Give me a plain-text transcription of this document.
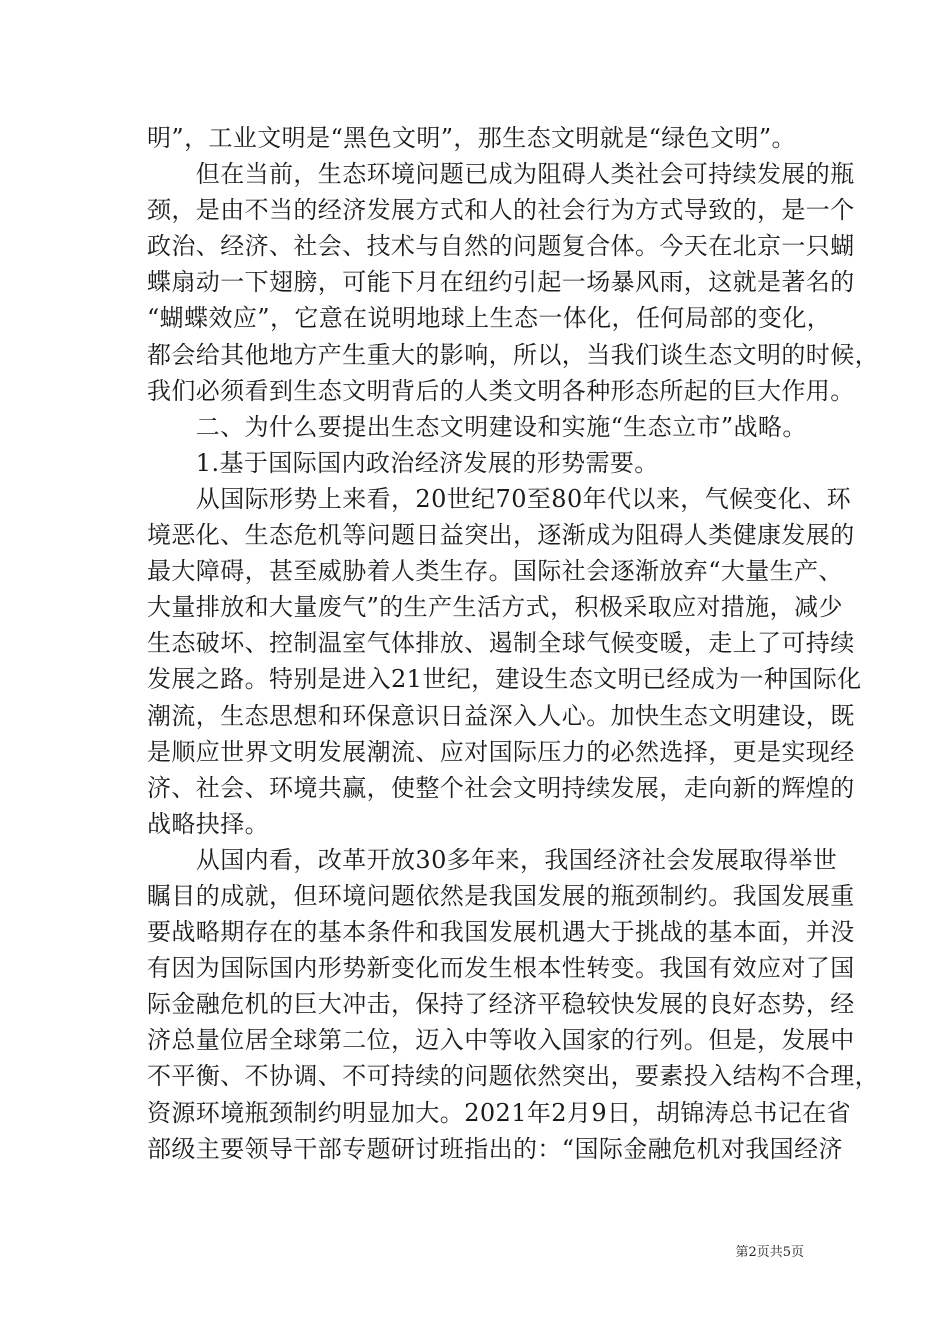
明”，工业文明是“黑色文明”，那生态文明就是“绿色文明”。
　　但在当前，生态环境问题已成为阻碍人类社会可持续发展的瓶
颈，是由不当的经济发展方式和人的社会行为方式导致的，是一个
政治、经济、社会、技术与自然的问题复合体。今天在北京一只蝴
蝶扇动一下翅膀，可能下月在纽约引起一场暴风雨，这就是著名的
“蝴蝶效应”，它意在说明地球上生态一体化，任何局部的变化，
都会给其他地方产生重大的影响，所以，当我们谈生态文明的时候，
我们必须看到生态文明背后的人类文明各种形态所起的巨大作用。
　　二、为什么要提出生态文明建设和实施“生态立市”战略。
　　1.基于国际国内政治经济发展的形势需要。
　　从国际形势上来看，20世纪70至80年代以来，气候变化、环
境恶化、生态危机等问题日益突出，逐渐成为阻碍人类健康发展的
最大障碍，甚至威胁着人类生存。国际社会逐渐放弃“大量生产、
大量排放和大量废气”的生产生活方式，积极采取应对措施，减少
生态破坏、控制温室气体排放、遏制全球气候变暖，走上了可持续
发展之路。特别是进入21世纪，建设生态文明已经成为一种国际化
潮流，生态思想和环保意识日益深入人心。加快生态文明建设，既
是顺应世界文明发展潮流、应对国际压力的必然选择，更是实现经
济、社会、环境共赢，使整个社会文明持续发展，走向新的辉煌的
战略抉择。
　　从国内看，改革开放30多年来，我国经济社会发展取得举世
瞩目的成就，但环境问题依然是我国发展的瓶颈制约。我国发展重
要战略期存在的基本条件和我国发展机遇大于挑战的基本面，并没
有因为国际国内形势新变化而发生根本性转变。我国有效应对了国
际金融危机的巨大冲击，保持了经济平稳较快发展的良好态势，经
济总量位居全球第二位，迈入中等收入国家的行列。但是，发展中
不平衡、不协调、不可持续的问题依然突出，要素投入结构不合理，
资源环境瓶颈制约明显加大。2021年2月9日，胡锦涛总书记在省
部级主要领导干部专题研讨班指出的：“国际金融危机对我国经济
第2页共5页
